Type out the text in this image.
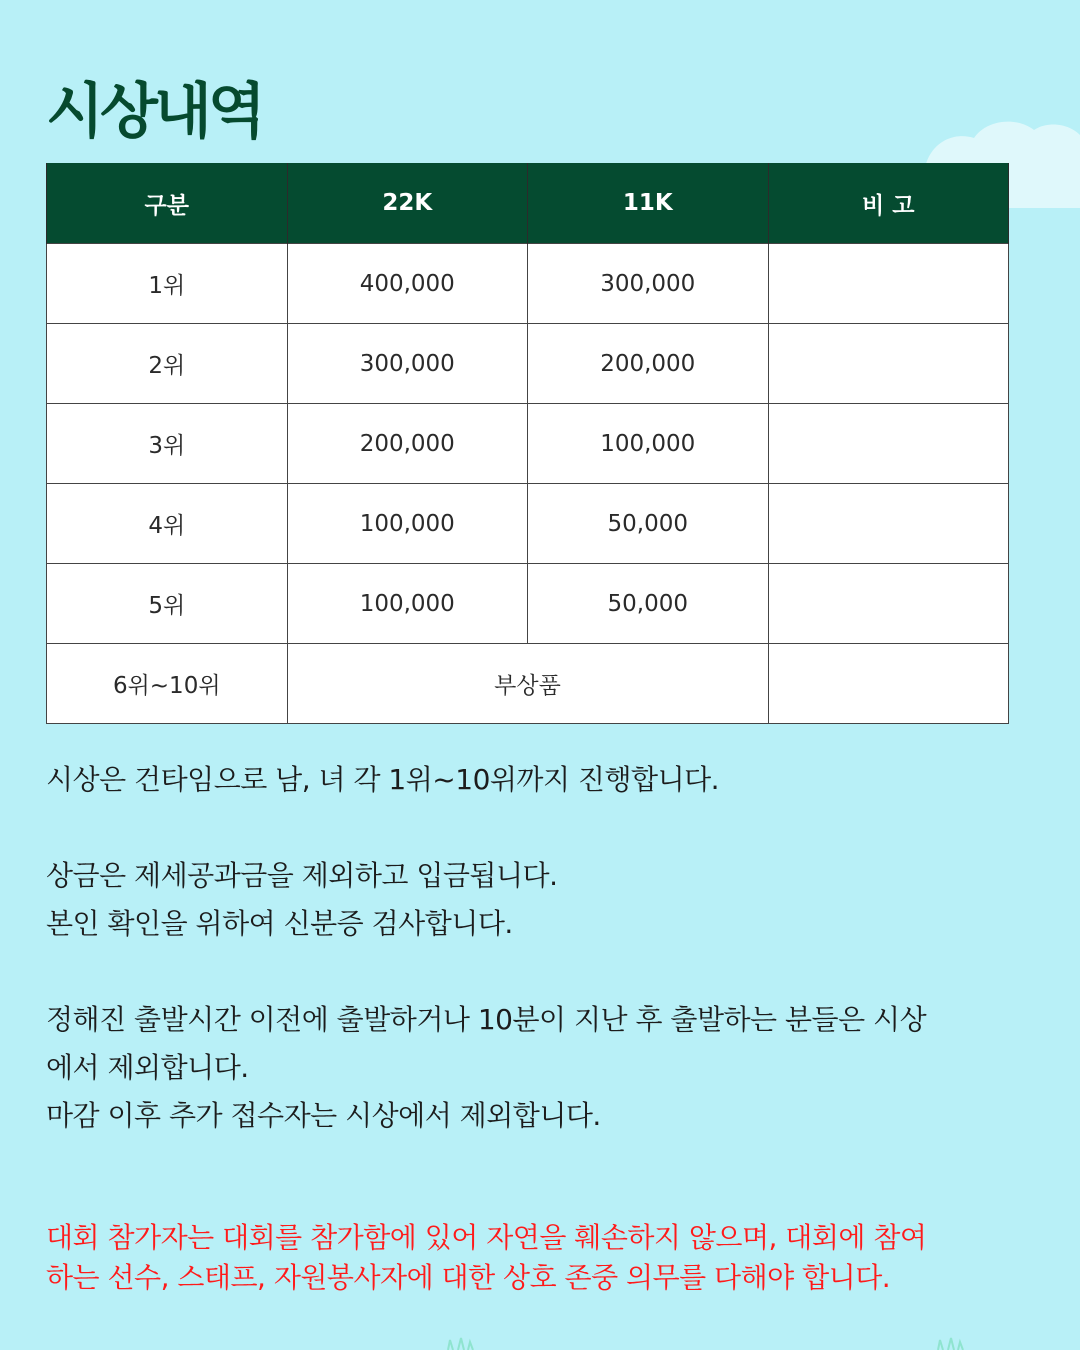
시상내역
구분	22K	11K	비 고
1위	400,000	300,000	
2위	300,000	200,000	
3위	200,000	100,000	
4위	100,000	50,000	
5위	100,000	50,000	
6위~10위	부상품		

시상은 건타임으로 남, 녀 각 1위~10위까지 진행합니다.

상금은 제세공과금을 제외하고 입금됩니다.

본인 확인을 위하여 신분증 검사합니다.

정해진 출발시간 이전에 출발하거나 10분이 지난 후 출발하는 분들은 시상

에서 제외합니다.

마감 이후 추가 접수자는 시상에서 제외합니다.

대회 참가자는 대회를 참가함에 있어 자연을 훼손하지 않으며, 대회에 참여

하는 선수, 스태프, 자원봉사자에 대한 상호 존중 의무를 다해야 합니다.
